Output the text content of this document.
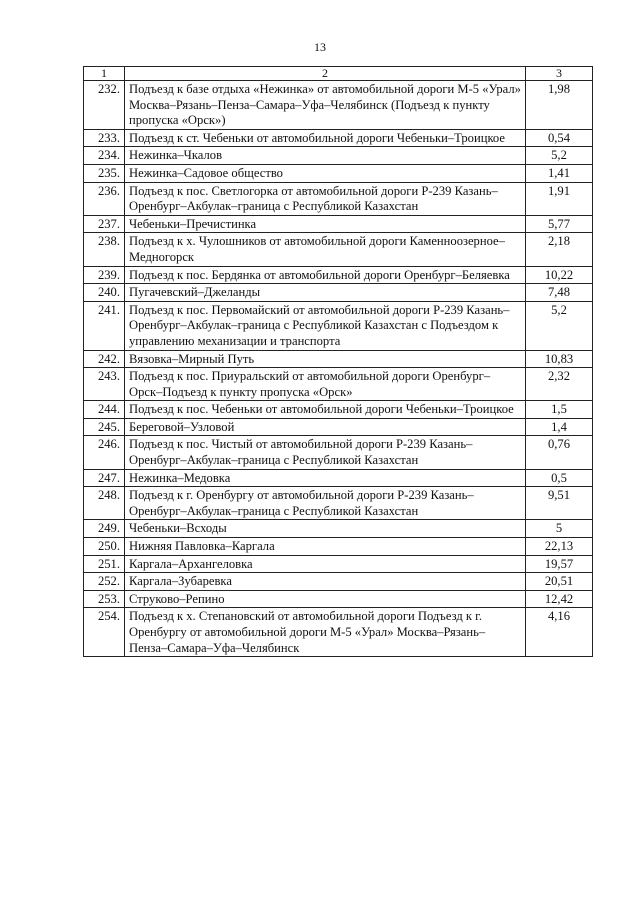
13
1	2	3
232.	Подъезд к базе отдыха «Нежинка» от автомобильной дороги М-5 «Урал» Москва–Рязань–Пенза–Самара–Уфа–Челябинск (Подъезд к пункту пропуска «Орск»)	1,98
233.	Подъезд к ст. Чебеньки от автомобильной дороги Чебеньки–Троицкое	0,54
234.	Нежинка–Чкалов	5,2
235.	Нежинка–Садовое общество	1,41
236.	Подъезд к пос. Светлогорка от автомобильной дороги Р-239 Казань–Оренбург–Акбулак–граница с Республикой Казахстан	1,91
237.	Чебеньки–Пречистинка	5,77
238.	Подъезд к х. Чулошников от автомобильной дороги Каменноозерное–Медногорск	2,18
239.	Подъезд к пос. Бердянка от автомобильной дороги Оренбург–Беляевка	10,22
240.	Пугачевский–Джеланды	7,48
241.	Подъезд к пос. Первомайский от автомобильной дороги Р-239 Казань–Оренбург–Акбулак–граница с Республикой Казахстан с Подъездом к управлению механизации и транспорта	5,2
242.	Вязовка–Мирный Путь	10,83
243.	Подъезд к пос. Приуральский от автомобильной дороги Оренбург–Орск–Подъезд к пункту пропуска «Орск»	2,32
244.	Подъезд к пос. Чебеньки от автомобильной дороги Чебеньки–Троицкое	1,5
245.	Береговой–Узловой	1,4
246.	Подъезд к пос. Чистый от автомобильной дороги Р-239 Казань–Оренбург–Акбулак–граница с Республикой Казахстан	0,76
247.	Нежинка–Медовка	0,5
248.	Подъезд к г. Оренбургу от автомобильной дороги Р-239 Казань–Оренбург–Акбулак–граница с Республикой Казахстан	9,51
249.	Чебеньки–Всходы	5
250.	Нижняя Павловка–Каргала	22,13
251.	Каргала–Архангеловка	19,57
252.	Каргала–Зубаревка	20,51
253.	Струково–Репино	12,42
254.	Подъезд к х. Степановский от автомобильной дороги Подъезд к г. Оренбургу от автомобильной дороги М-5 «Урал» Москва–Рязань–Пенза–Самара–Уфа–Челябинск	4,16
